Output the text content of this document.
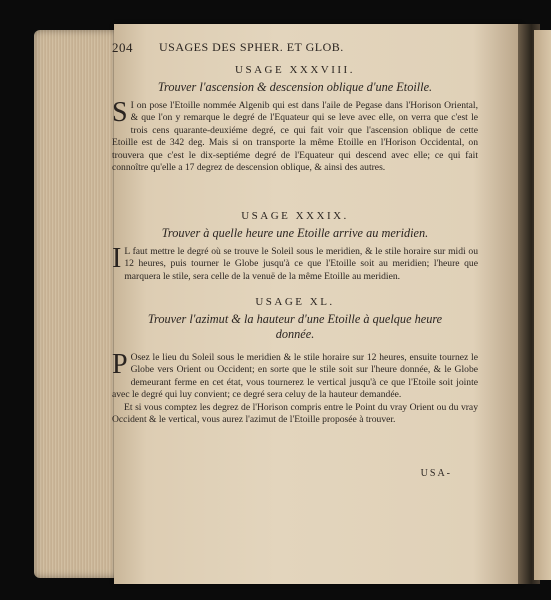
204 USAGES DES SPHER. ET GLOB.
USAGE XXXVIII.
Trouver l'ascension & descension oblique d'une Etoille.
S I on pose l'Etoille nommée Algenib qui est dans l'aile de Pegase dans l'Horison Oriental, & que l'on y remarque le degré de l'Equateur qui se leve avec elle, on verra que c'est le trois cens quarante-deuxiéme degré, ce qui fait voir que l'ascension oblique de cette Etoille est de 342 deg. Mais si on transporte la même Etoille en l'Horison Occidental, on trouvera que c'est le dix-septiéme degré de l'Equateur qui descend avec elle; ce qui fait connoître qu'elle a 17 degrez de descension oblique, & ainsi des autres.
USAGE XXXIX.
Trouver à quelle heure une Etoille arrive au meridien.
I L faut mettre le degré où se trouve le Soleil sous le meridien, & le stile horaire sur midi ou 12 heures, puis tourner le Globe jusqu'à ce que l'Etoille soit au meridien; l'heure que marquera le stile, sera celle de la venuë de la même Etoille au meridien.
USAGE XL.
Trouver l'azimut & la hauteur d'une Etoille à quelque heure donnée.
P Osez le lieu du Soleil sous le meridien & le stile horaire sur 12 heures, ensuite tournez le Globe vers Orient ou Occident; en sorte que le stile soit sur l'heure donnée, & le Globe demeurant ferme en cet état, vous tournerez le vertical jusqu'à ce que l'Etoile soit jointe avec le degré qui luy convient; ce degré sera celuy de la hauteur demandée.
Et si vous comptez les degrez de l'Horison compris entre le Point du vray Orient ou du vray Occident & le vertical, vous aurez l'azimut de l'Etoille proposée à trouver.
USA-
